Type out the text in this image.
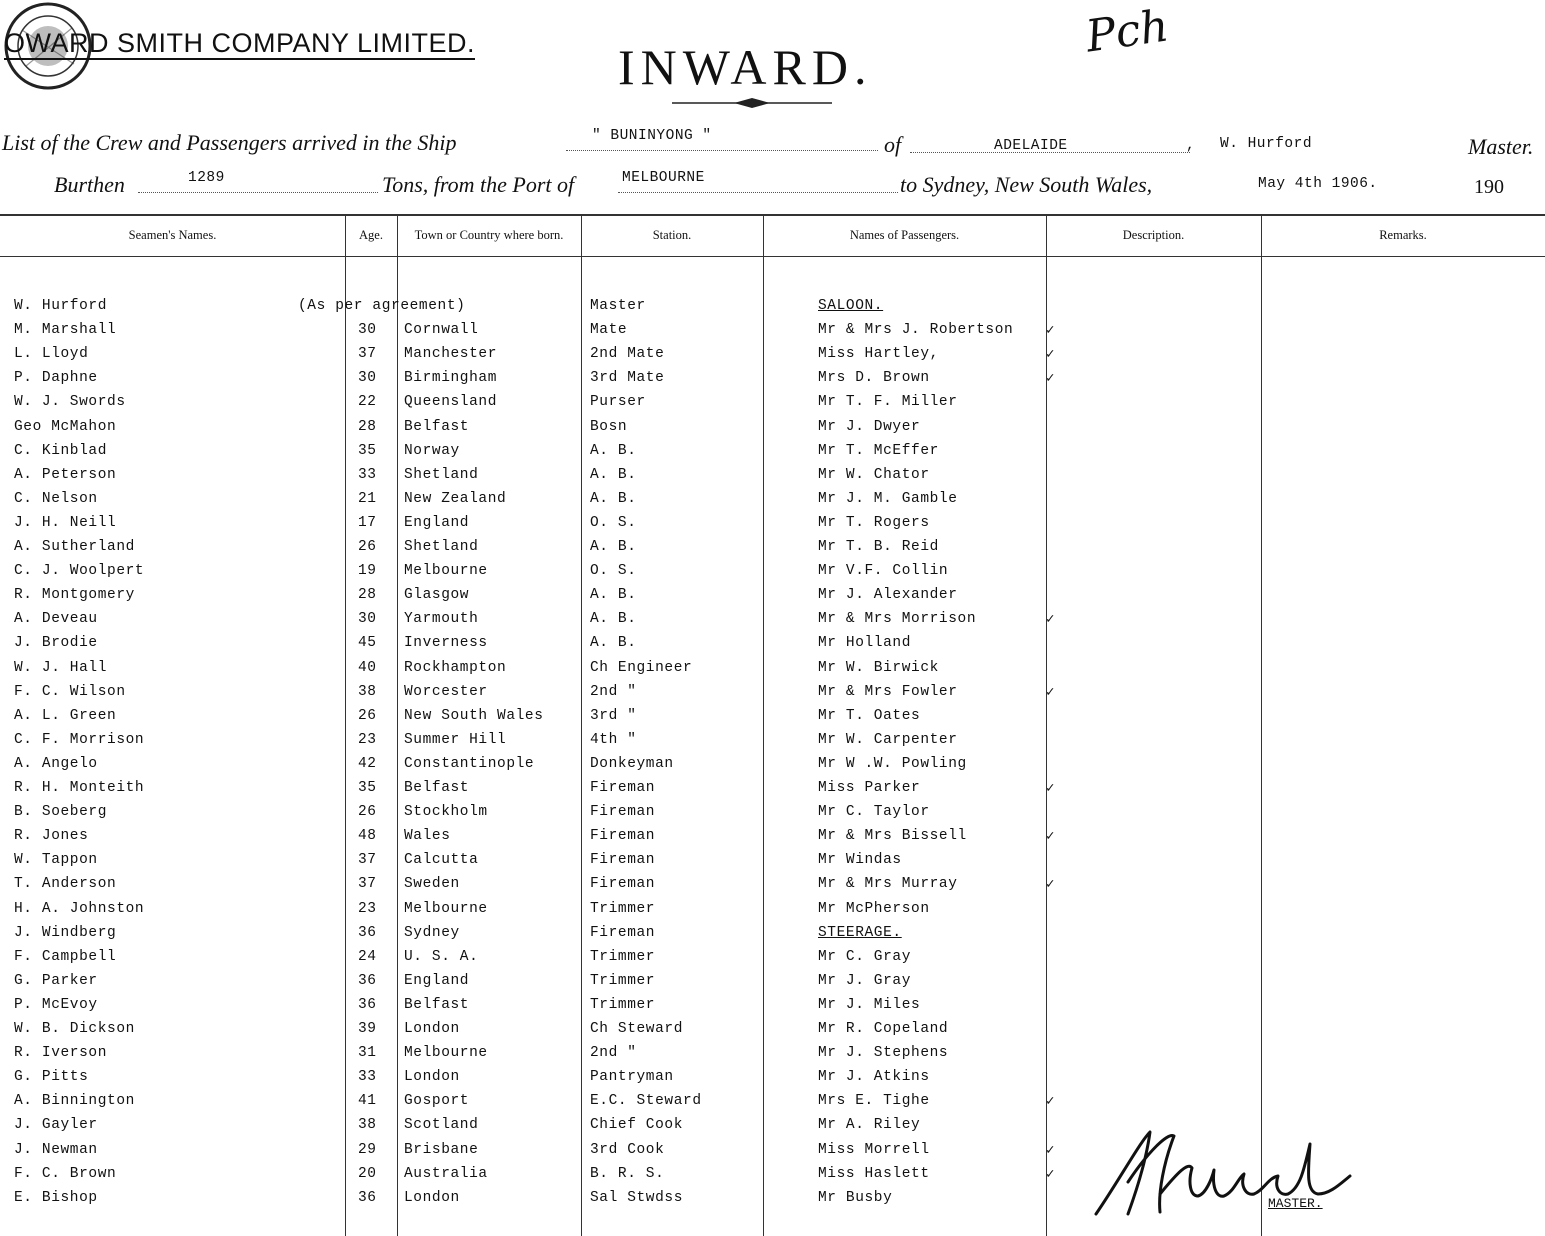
OWARD SMITH COMPANY LIMITED.	INWARD.
Pch
List of the Crew and Passengers arrived in the Ship	" BUNINYONG "	of	ADELAIDE	, W. Hurford	Master.
Burthen	1289	Tons, from the Port of	MELBOURNE	to Sydney, New South Wales,	May 4th 1906.	190
Seamen's Names.	Age.	Town or Country where born.	Station.	Names of Passengers.	Description.	Remarks.
W. Hurford	(As per agreement)	Master	SALOON.
M. Marshall	30 Cornwall	Mate	Mr & Mrs J. Robertson ✓
L. Lloyd	37 Manchester	2nd Mate	Miss Hartley,	✓
P. Daphne	30 Birmingham	3rd Mate	Mrs D. Brown	✓
W. J. Swords	22 Queensland	Purser	Mr T. F. Miller
Geo McMahon	28 Belfast	Bosn	Mr J. Dwyer
C. Kinblad	35 Norway	A. B.	Mr T. McEffer
A. Peterson	33 Shetland	A. B.	Mr W. Chator
C. Nelson	21 New Zealand	A. B.	Mr J. M. Gamble
J. H. Neill	17 England	O. S.	Mr T. Rogers
A. Sutherland	26 Shetland	A. B.	Mr T. B. Reid
C. J. Woolpert	19 Melbourne	O. S.	Mr V.F. Collin
R. Montgomery	28 Glasgow	A. B.	Mr J. Alexander
A. Deveau	30 Yarmouth	A. B.	Mr & Mrs Morrison	✓
J. Brodie	45 Inverness	A. B.	Mr Holland
W. J. Hall	40 Rockhampton	Ch Engineer	Mr W. Birwick
F. C. Wilson	38 Worcester	2nd "	Mr & Mrs Fowler	✓
A. L. Green	26 New South Wales	3rd "	Mr T. Oates
C. F. Morrison	23 Summer Hill	4th "	Mr W. Carpenter
A. Angelo	42 Constantinople	Donkeyman	Mr W .W. Powling
R. H. Monteith	35 Belfast	Fireman	Miss Parker	✓
B. Soeberg	26 Stockholm	Fireman	Mr C. Taylor
R. Jones	48 Wales	Fireman	Mr & Mrs Bissell	✓
W. Tappon	37 Calcutta	Fireman	Mr Windas
T. Anderson	37 Sweden	Fireman	Mr & Mrs Murray	✓
H. A. Johnston	23 Melbourne	Trimmer	Mr McPherson
J. Windberg	36 Sydney	Fireman	STEERAGE.
F. Campbell	24 U. S. A.	Trimmer	Mr C. Gray
G. Parker	36 England	Trimmer	Mr J. Gray
P. McEvoy	36 Belfast	Trimmer	Mr J. Miles
W. B. Dickson	39 London	Ch Steward	Mr R. Copeland
R. Iverson	31 Melbourne	2nd "	Mr J. Stephens
G. Pitts	33 London	Pantryman	Mr J. Atkins
A. Binnington	41 Gosport	E.C. Steward	Mrs E. Tighe	✓
J. Gayler	38 Scotland	Chief Cook	Mr A. Riley
J. Newman	29 Brisbane	3rd Cook	Miss Morrell	✓
F. C. Brown	20 Australia	B. R. S.	Miss Haslett	✓
E. Bishop	36 London	Sal Stwdss	Mr Busby	MASTER.
